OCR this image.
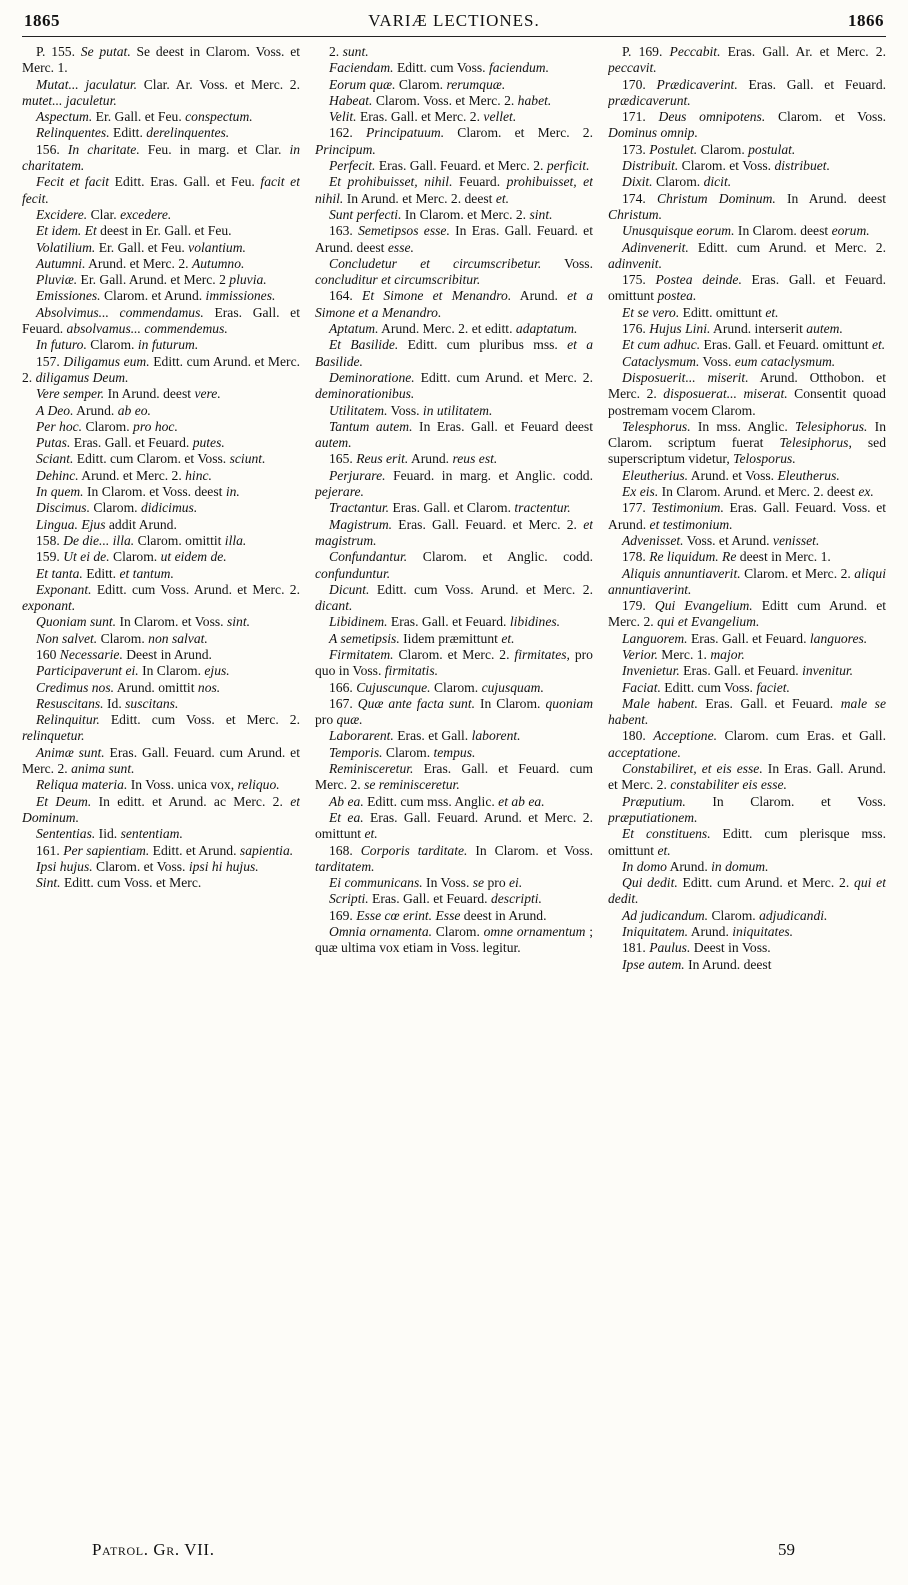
1865	VARIÆ LECTIONES.	1866

P. 155. Se putat. Se deest in Clarom. Voss. et Merc. 1.

Mutat... jaculatur. Clar. Ar. Voss. et Merc. 2. mutet... jaculetur.

Aspectum. Er. Gall. et Feu. conspectum.

Relinquentes. Editt. derelinquentes.

156. In charitate. Feu. in marg. et Clar. in charitatem.

Fecit et facit Editt. Eras. Gall. et Feu. facit et fecit.

Excidere. Clar. excedere.

Et idem. Et deest in Er. Gall. et Feu.

Volatilium. Er. Gall. et Feu. volantium.

Autumni. Arund. et Merc. 2. Autumno.

Pluviæ. Er. Gall. Arund. et Merc. 2 pluvia.

Emissiones. Clarom. et Arund. immissiones.

Absolvimus... commendamus. Eras. Gall. et Feuard. absolvamus... commendemus.

In futuro. Clarom. in futurum.

157. Diligamus eum. Editt. cum Arund. et Merc. 2. diligamus Deum.

Vere semper. In Arund. deest vere.

A Deo. Arund. ab eo.

Per hoc. Clarom. pro hoc.

Putas. Eras. Gall. et Feuard. putes.

Sciant. Editt. cum Clarom. et Voss. sciunt.

Dehinc. Arund. et Merc. 2. hinc.

In quem. In Clarom. et Voss. deest in.

Discimus. Clarom. didicimus.

Lingua. Ejus addit Arund.

158. De die... illa. Clarom. omittit illa.

159. Ut ei de. Clarom. ut eidem de.

Et tanta. Editt. et tantum.

Exponant. Editt. cum Voss. Arund. et Merc. 2. exponant.

Quoniam sunt. In Clarom. et Voss. sint.

Non salvet. Clarom. non salvat.

160 Necessarie. Deest in Arund.

Participaverunt ei. In Clarom. ejus.

Credimus nos. Arund. omittit nos.

Resuscitans. Id. suscitans.

Relinquitur. Editt. cum Voss. et Merc. 2. relinquetur.

Animæ sunt. Eras. Gall. Feuard. cum Arund. et Merc. 2. anima sunt.

Reliqua materia. In Voss. unica vox, reliquo.

Et Deum. In editt. et Arund. ac Merc. 2. et Dominum.

Sententias. Iid. sententiam.

161. Per sapientiam. Editt. et Arund. sapientia.

Ipsi hujus. Clarom. et Voss. ipsi hi hujus.

Sint. Editt. cum Voss. et Merc.

2. sunt.

Faciendam. Editt. cum Voss. faciendum.

Eorum quæ. Clarom. rerumquæ.

Habeat. Clarom. Voss. et Merc. 2. habet.

Velit. Eras. Gall. et Merc. 2. vellet.

162. Principatuum. Clarom. et Merc. 2. Principum.

Perfecit. Eras. Gall. Feuard. et Merc. 2. perficit.

Et prohibuisset, nihil. Feuard. prohibuisset, et nihil. In Arund. et Merc. 2. deest et.

Sunt perfecti. In Clarom. et Merc. 2. sint.

163. Semetipsos esse. In Eras. Gall. Feuard. et Arund. deest esse.

Concludetur et circumscribetur. Voss. concluditur et circumscribitur.

164. Et Simone et Menandro. Arund. et a Simone et a Menandro.

Aptatum. Arund. Merc. 2. et editt. adaptatum.

Et Basilide. Editt. cum pluribus mss. et a Basilide.

Deminoratione. Editt. cum Arund. et Merc. 2. deminorationibus.

Utilitatem. Voss. in utilitatem.

Tantum autem. In Eras. Gall. et Feuard deest autem.

165. Reus erit. Arund. reus est.

Perjurare. Feuard. in marg. et Anglic. codd. pejerare.

Tractantur. Eras. Gall. et Clarom. tractentur.

Magistrum. Eras. Gall. Feuard. et Merc. 2. et magistrum.

Confundantur. Clarom. et Anglic. codd. confunduntur.

Dicunt. Editt. cum Voss. Arund. et Merc. 2. dicant.

Libidinem. Eras. Gall. et Feuard. libidines.

A semetipsis. Iidem præmittunt et.

Firmitatem. Clarom. et Merc. 2. firmitates, pro quo in Voss. firmitatis.

166. Cujuscunque. Clarom. cujusquam.

167. Quæ ante facta sunt. In Clarom. quoniam pro quæ.

Laborarent. Eras. et Gall. laborent.

Temporis. Clarom. tempus.

Reminisceretur. Eras. Gall. et Feuard. cum Merc. 2. se reminisceretur.

Ab ea. Editt. cum mss. Anglic. et ab ea.

Et ea. Eras. Gall. Feuard. Arund. et Merc. 2. omittunt et.

168. Corporis tarditate. In Clarom. et Voss. tarditatem.

Ei communicans. In Voss. se pro ei.

Scripti. Eras. Gall. et Feuard. descripti.

169. Esse cœ erint. Esse deest in Arund.

Omnia ornamenta. Clarom. omne ornamentum ; quæ ultima vox etiam in Voss. legitur.

P. 169. Peccabit. Eras. Gall. Ar. et Merc. 2. peccavit.

170. Prædicaverint. Eras. Gall. et Feuard. prædicaverunt.

171. Deus omnipotens. Clarom. et Voss. Dominus omnip.

173. Postulet. Clarom. postulat.

Distribuit. Clarom. et Voss. distribuet.

Dixit. Clarom. dicit.

174. Christum Dominum. In Arund. deest Christum.

Unusquisque eorum. In Clarom. deest eorum.

Adinvenerit. Editt. cum Arund. et Merc. 2. adinvenit.

175. Postea deinde. Eras. Gall. et Feuard. omittunt postea.

Et se vero. Editt. omittunt et.

176. Hujus Lini. Arund. interserit autem.

Et cum adhuc. Eras. Gall. et Feuard. omittunt et.

Cataclysmum. Voss. eum cataclysmum.

Disposuerit... miserit. Arund. Otthobon. et Merc. 2. disposuerat... miserat. Consentit quoad postremam vocem Clarom.

Telesphorus. In mss. Anglic. Telesiphorus. In Clarom. scriptum fuerat Telesiphorus, sed superscriptum videtur, Telosporus.

Eleutherius. Arund. et Voss. Eleutherus.

Ex eis. In Clarom. Arund. et Merc. 2. deest ex.

177. Testimonium. Eras. Gall. Feuard. Voss. et Arund. et testimonium.

Advenisset. Voss. et Arund. venisset.

178. Re liquidum. Re deest in Merc. 1.

Aliquis annuntiaverit. Clarom. et Merc. 2. aliqui annuntiaverint.

179. Qui Evangelium. Editt cum Arund. et Merc. 2. qui et Evangelium.

Languorem. Eras. Gall. et Feuard. languores.

Verior. Merc. 1. major.

Invenietur. Eras. Gall. et Feuard. invenitur.

Faciat. Editt. cum Voss. faciet.

Male habent. Eras. Gall. et Feuard. male se habent.

180. Acceptione. Clarom. cum Eras. et Gall. acceptatione.

Constabiliret, et eis esse. In Eras. Gall. Arund. et Merc. 2. constabiliter eis esse.

Præputium. In Clarom. et Voss. præputiationem.

Et constituens. Editt. cum plerisque mss. omittunt et.

In domo Arund. in domum.

Qui dedit. Editt. cum Arund. et Merc. 2. qui et dedit.

Ad judicandum. Clarom. adjudicandi.

Iniquitatem. Arund. iniquitates.

181. Paulus. Deest in Voss.

Ipse autem. In Arund. deest

Patrol. Gr. VII.	59
